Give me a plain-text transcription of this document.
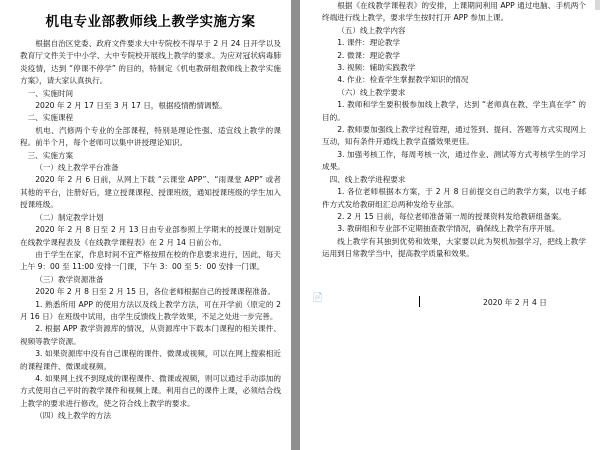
机电专业部教师线上教学实施方案

根据自治区党委、政府文件要求大中专院校不得早于 2 月 24 日开学以及教育厅文件关于中小学、大中专院校开展线上教学的要求。为应对冠状病毒肺炎疫情，达到 “停课不停学” 的目的，特制定《机电教研组教师线上教学实施方案》，请大家认真执行。

一、实施时间

2020 年 2 月 17 日至 3 月 17 日，根据疫情酌情调整。

二、实施课程

机电、汽修两个专业的全部课程，特别是理论性强、适宜线上教学的课程。前半个月，每个老师可以集中讲授理论知识。

三、实施方案

（一）线上教学平台准备

2020 年 2 月 6 日前，从网上下载 “云课堂 APP”、“雨课堂 APP” 或者其他的平台，注册好后，建立授课课程、授课班级，通知授课班级的学生加入授课班级。

（二）制定教学计划

2020 年 2 月 8 日至 2 月 13 日由专业部参照上学期末的授课计划制定在线教学课程表及《在线教学课程表》在 2 月 14 日前公布。

由于学生在家，作息时间不宜严格按照在校的作息要求进行，因此，每天上午 9：00 至 11:00 安排一门课，下午 3：00 至 5：00 安排一门课。

（三）教学资源准备

2020 年 2 月 8 日至 2 月 15 日，各位老师根据自己的授课课程准备。

1. 熟悉所用 APP 的使用方法以及线上教学方法，可在开学前（原定的 2 月 16 日）在班级中试用，由学生反馈线上教学效果，不足之处进一步完善。

2. 根据 APP 教学资源库的情况，从资源库中下载本门课程的相关课件、视频等教学资源。

3. 如果资源库中没有自己课程的课件、微课或视频，可以在网上搜索相近的课程课件、微课或视频。

4. 如果网上找不到现成的课程课件、微课或视频，则可以通过手动添加的方式使用自己平时的教学课件和视频上课。利用自己的课件上课，必须结合线上教学的要求进行修改，使之符合线上教学的要求。

（四）线上教学的方法

根据《在线教学课程表》的安排，上课期间利用 APP 通过电脑、手机两个终端进行线上教学，要求学生按时打开 APP 参加上课。

（五）线上教学内容

1. 课件：理论教学

2. 微课：理论教学

3. 视频：辅助实践教学

4. 作业：检查学生掌握教学知识的情况

（六）线上教学要求

1. 教师和学生要积极参加线上教学，达到 “老师真在教、学生真在学” 的目的。

2. 教师要加强线上教学过程管理，通过签到、提问、答题等方式实现网上互动，知有条件开通线上教学直播效果更佳。

3. 加强考核工作，每周考核一次，通过作业、测试等方式考核学生的学习成果。

四、线上教学进程要求

1. 各位老师根据本方案，于 2 月 8 日前提交自己的教学方案，以电子邮件方式发给教研组汇总两种发给专业部。

2. 2 月 15 日前，每位老师准备第一周的授课资料发给教研组备案。

3. 教研组和专业部不定期抽查教学情况，确保线上教学有序开展。

线上教学有其独到优势和效果，大家要以此为契机加强学习，把线上教学运用到日常教学当中，提高教学质量和效果。

📄	2020 年 2 月 4 日
